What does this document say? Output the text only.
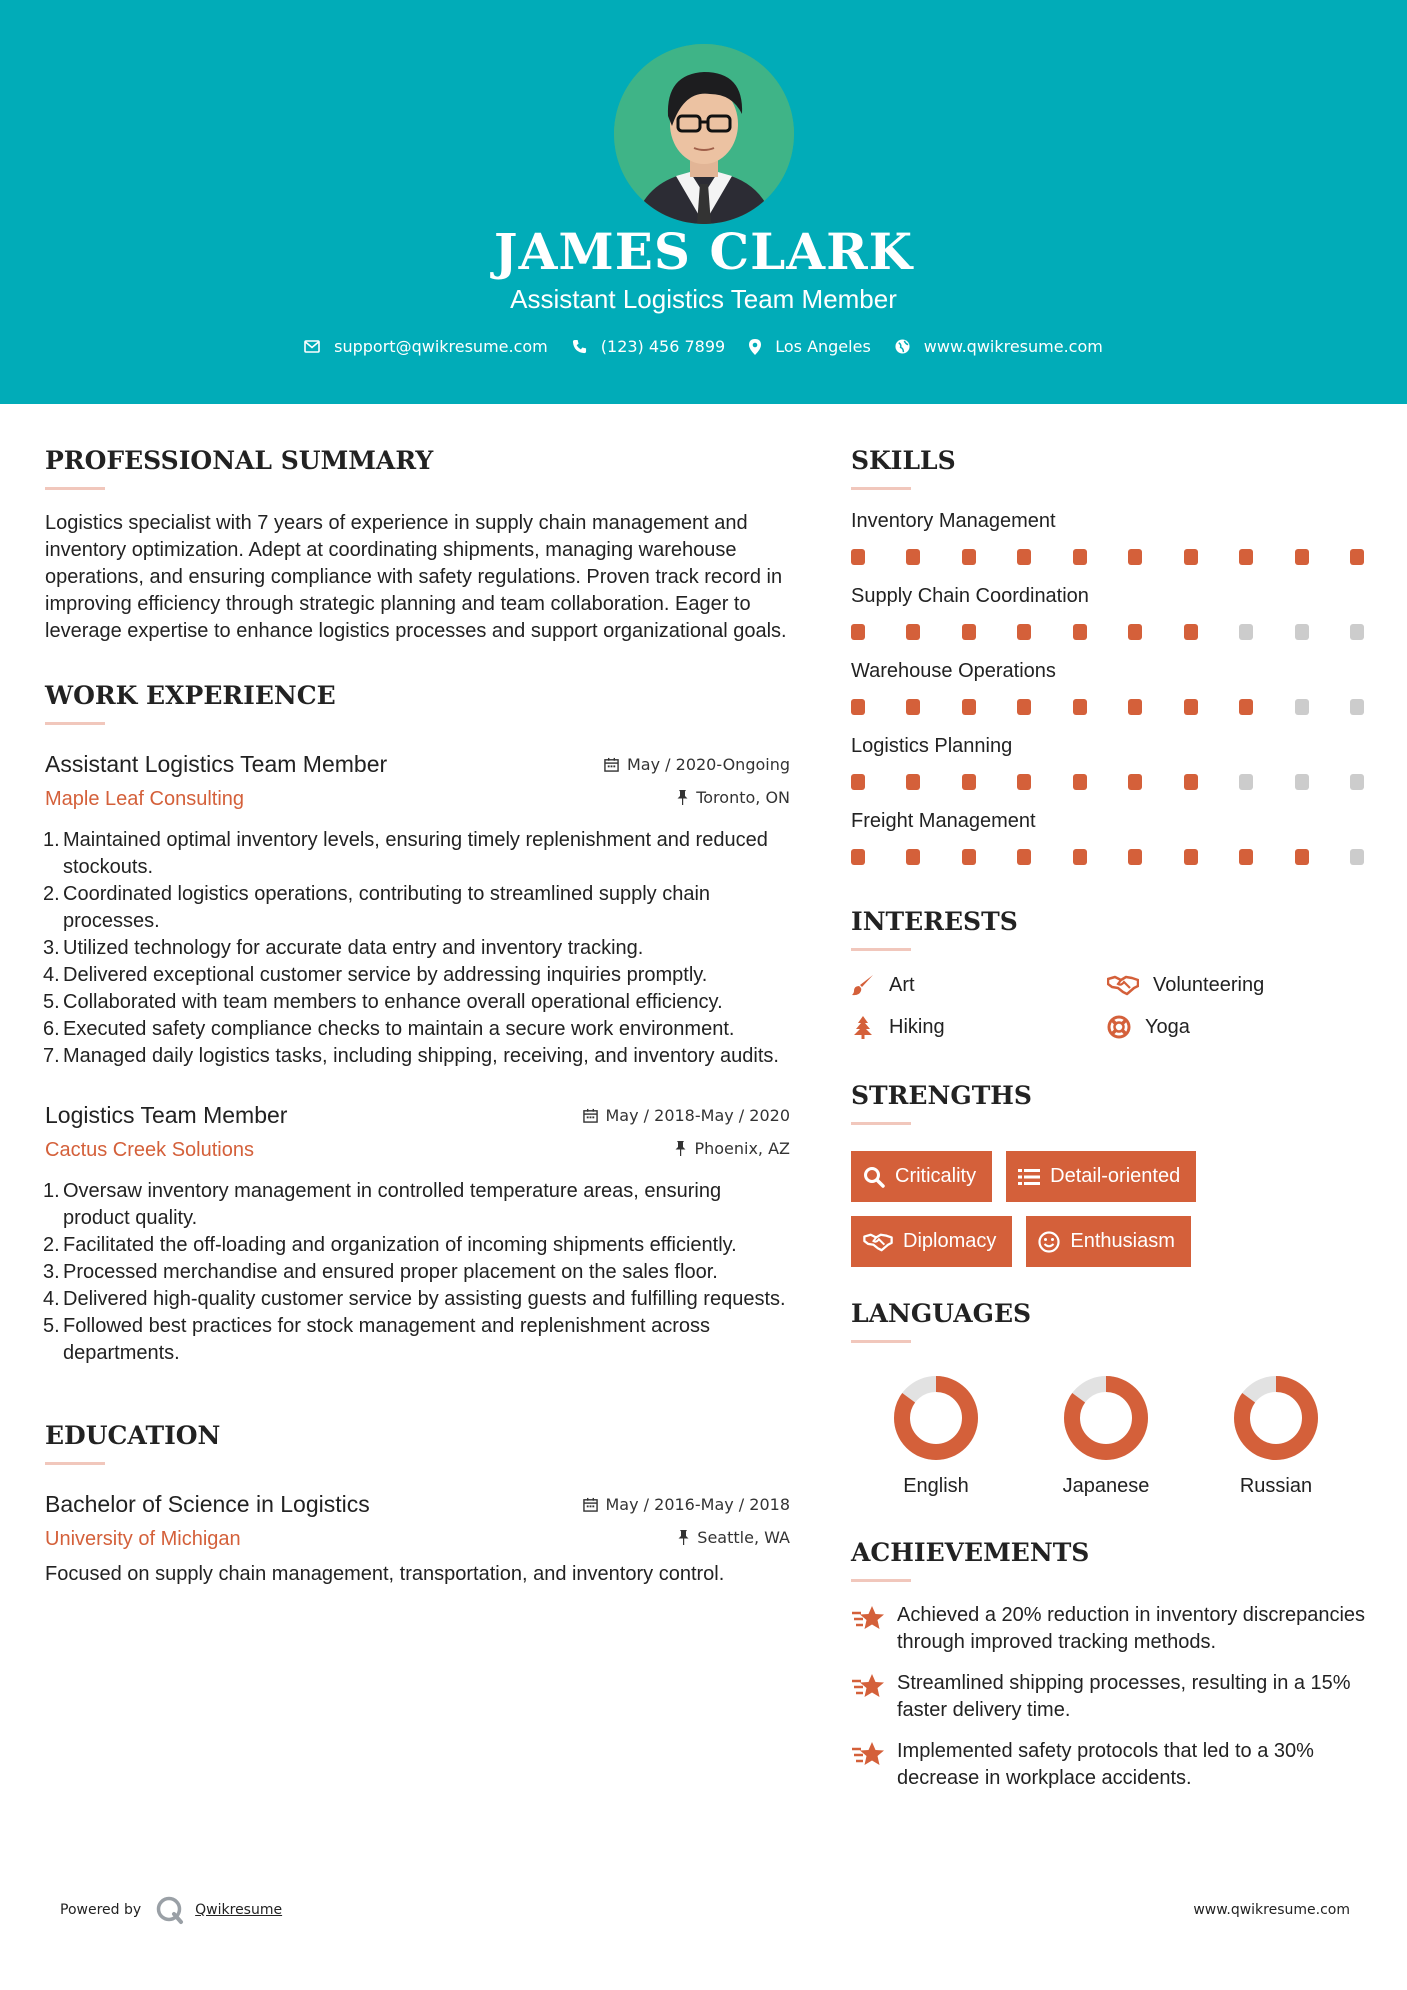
JAMES CLARK
Assistant Logistics Team Member
support@qwikresume.com	(123) 456 7899	Los Angeles	www.qwikresume.com
PROFESSIONAL SUMMARY

Logistics specialist with 7 years of experience in supply chain management and inventory optimization. Adept at coordinating shipments, managing warehouse operations, and ensuring compliance with safety regulations. Proven track record in improving efficiency through strategic planning and team collaboration. Eager to leverage expertise to enhance logistics processes and support organizational goals.

WORK EXPERIENCE
Assistant Logistics Team Member	May / 2020-Ongoing
Maple Leaf Consulting	Toronto, ON
Maintained optimal inventory levels, ensuring timely replenishment and reduced stockouts.
Coordinated logistics operations, contributing to streamlined supply chain processes.
Utilized technology for accurate data entry and inventory tracking.
Delivered exceptional customer service by addressing inquiries promptly.
Collaborated with team members to enhance overall operational efficiency.
Executed safety compliance checks to maintain a secure work environment.
Managed daily logistics tasks, including shipping, receiving, and inventory audits.
Logistics Team Member	May / 2018-May / 2020
Cactus Creek Solutions	Phoenix, AZ
Oversaw inventory management in controlled temperature areas, ensuring product quality.
Facilitated the off-loading and organization of incoming shipments efficiently.
Processed merchandise and ensured proper placement on the sales floor.
Delivered high-quality customer service by assisting guests and fulfilling requests.
Followed best practices for stock management and replenishment across departments.
EDUCATION
Bachelor of Science in Logistics	May / 2016-May / 2018
University of Michigan	Seattle, WA

Focused on supply chain management, transportation, and inventory control.

SKILLS
Inventory Management
Supply Chain Coordination
Warehouse Operations
Logistics Planning
Freight Management
INTERESTS
Art	Volunteering
Hiking	Yoga
STRENGTHS
Criticality	Detail-oriented
Diplomacy	Enthusiasm
LANGUAGES
English	Japanese	Russian
ACHIEVEMENTS
Achieved a 20% reduction in inventory discrepancies through improved tracking methods.
Streamlined shipping processes, resulting in a 15% faster delivery time.
Implemented safety protocols that led to a 30% decrease in workplace accidents.
Powered by	Qwikresume	www.qwikresume.com
